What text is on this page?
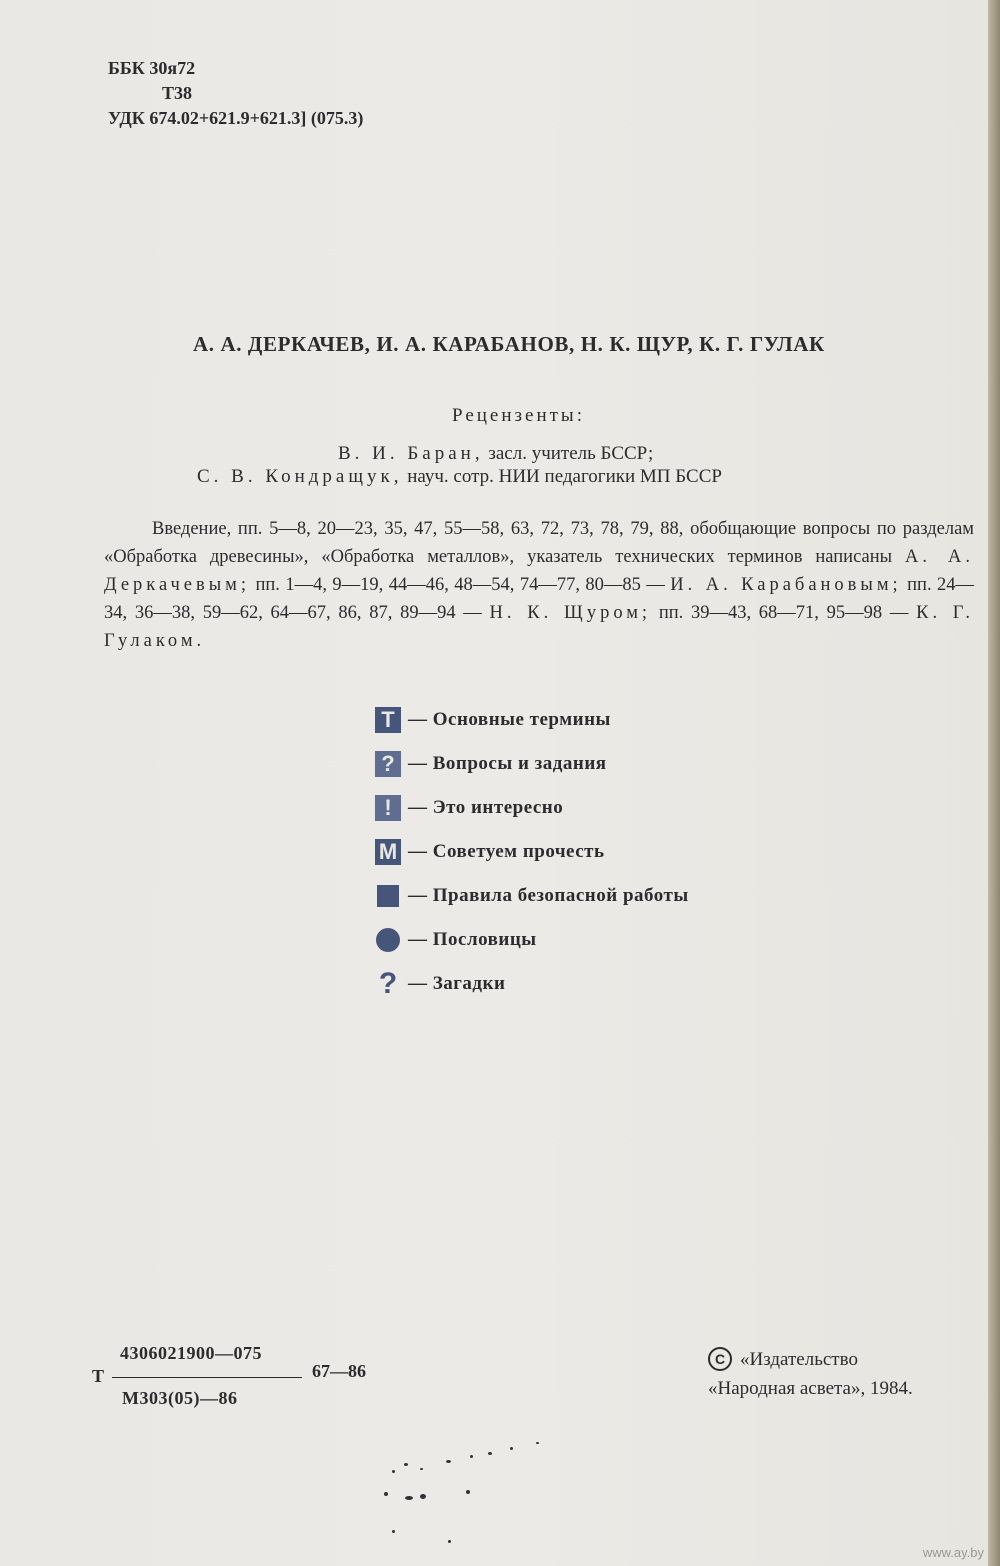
ББК 30я72
Т38
УДК 674.02+621.9+621.3] (075.3)
А. А. ДЕРКАЧЕВ, И. А. КАРАБАНОВ, Н. К. ЩУР, К. Г. ГУЛАК
Рецензенты:
В. И. Баран, засл. учитель БССР;
С. В. Кондращук, науч. сотр. НИИ педагогики МП БССР
Введение, пп. 5—8, 20—23, 35, 47, 55—58, 63, 72, 73, 78, 79, 88, обобщающие вопросы по разделам «Обработка древесины», «Обработка металлов», указатель технических терминов написаны А. А. Деркачевым; пп. 1—4, 9—19, 44—46, 48—54, 74—77, 80—85 — И. А. Карабановым; пп. 24—34, 36—38, 59—62, 64—67, 86, 87, 89—94 — Н. К. Щуром; пп. 39—43, 68—71, 95—98 — К. Г. Гулаком.
T — Основные термины
? — Вопросы и задания
! — Это интересно
M — Советуем прочесть
— Правила безопасной работы
— Пословицы
? — Загадки
Т
4306021900—075
М303(05)—86
67—86
C «Издательство
«Народная асвета», 1984.
www.ay.by
